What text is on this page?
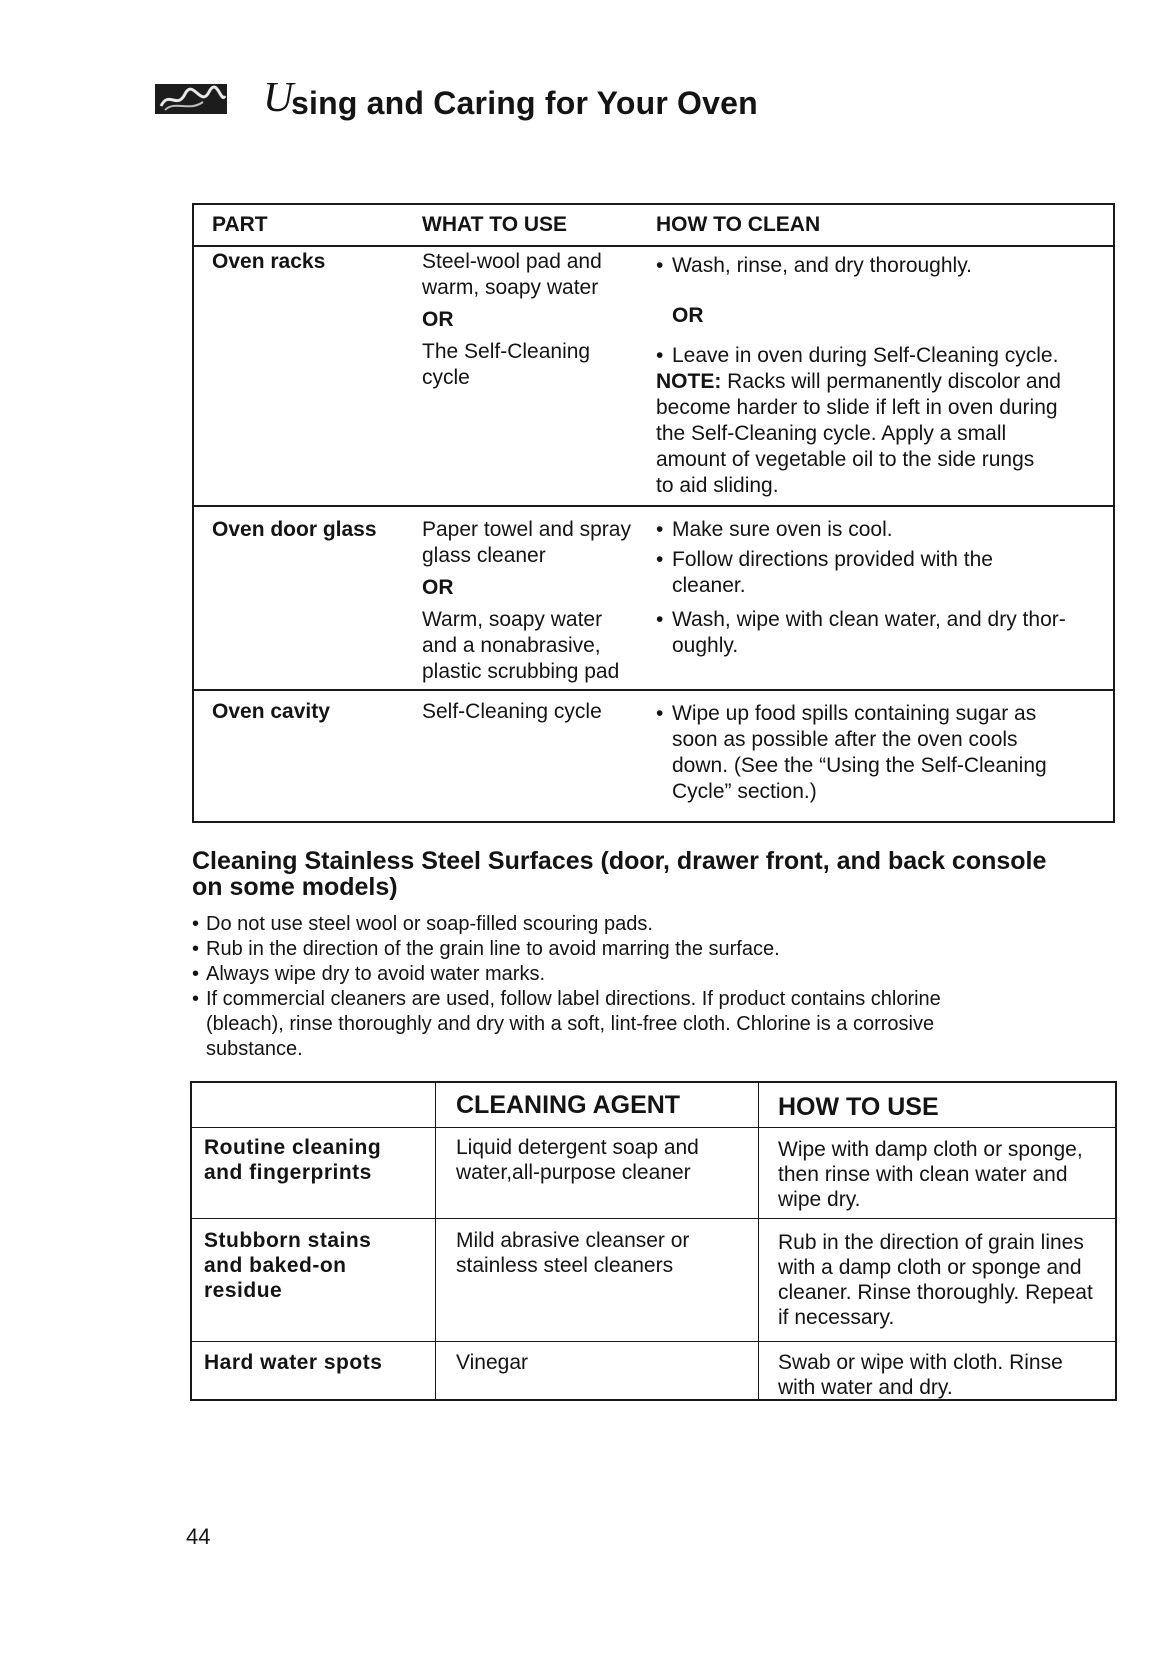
U
sing and Caring for Your Oven
PART	WHAT TO USE	HOW TO CLEAN
Oven racks	Steel-wool pad and
warm, soapy water
OR
The Self-Cleaning
cycle
• Wash, rinse, and dry thoroughly.
OR
• Leave in oven during Self-Cleaning cycle.
NOTE: Racks will permanently discolor and
become harder to slide if left in oven during
the Self-Cleaning cycle. Apply a small
amount of vegetable oil to the side rungs
to aid sliding.
Oven door glass Paper towel and spray
glass cleaner
OR
Warm, soapy water
and a nonabrasive,
plastic scrubbing pad
• Make sure oven is cool.
• Follow directions provided with the
cleaner.
• Wash, wipe with clean water, and dry thor-
oughly.
Oven cavity	Self-Cleaning cycle
•	Wipe up food spills containing sugar as
soon as possible after the oven cools
down. (See the “Using the Self-Cleaning
Cycle” section.)
Cleaning Stainless Steel Surfaces (door, drawer front, and back console
on some models)
• Do not use steel wool or soap-filled scouring pads.
• Rub in the direction of the grain line to avoid marring the surface.
• Always wipe dry to avoid water marks.
• If commercial cleaners are used, follow label directions. If product contains chlorine
(bleach), rinse thoroughly and dry with a soft, lint-free cloth. Chlorine is a corrosive
substance.
CLEANING AGENT	HOW TO USE
Routine cleaning
and fingerprints
Liquid detergent soap and
water,all-purpose cleaner
Wipe with damp cloth or sponge,
then rinse with clean water and
wipe dry.
Stubborn stains
and baked-on
residue
Mild abrasive cleanser or
stainless steel cleaners
Rub in the direction of grain lines
with a damp cloth or sponge and
cleaner. Rinse thoroughly. Repeat
if necessary.
Hard water spots	Vinegar	Swab or wipe with cloth. Rinse
with water and dry.
44
